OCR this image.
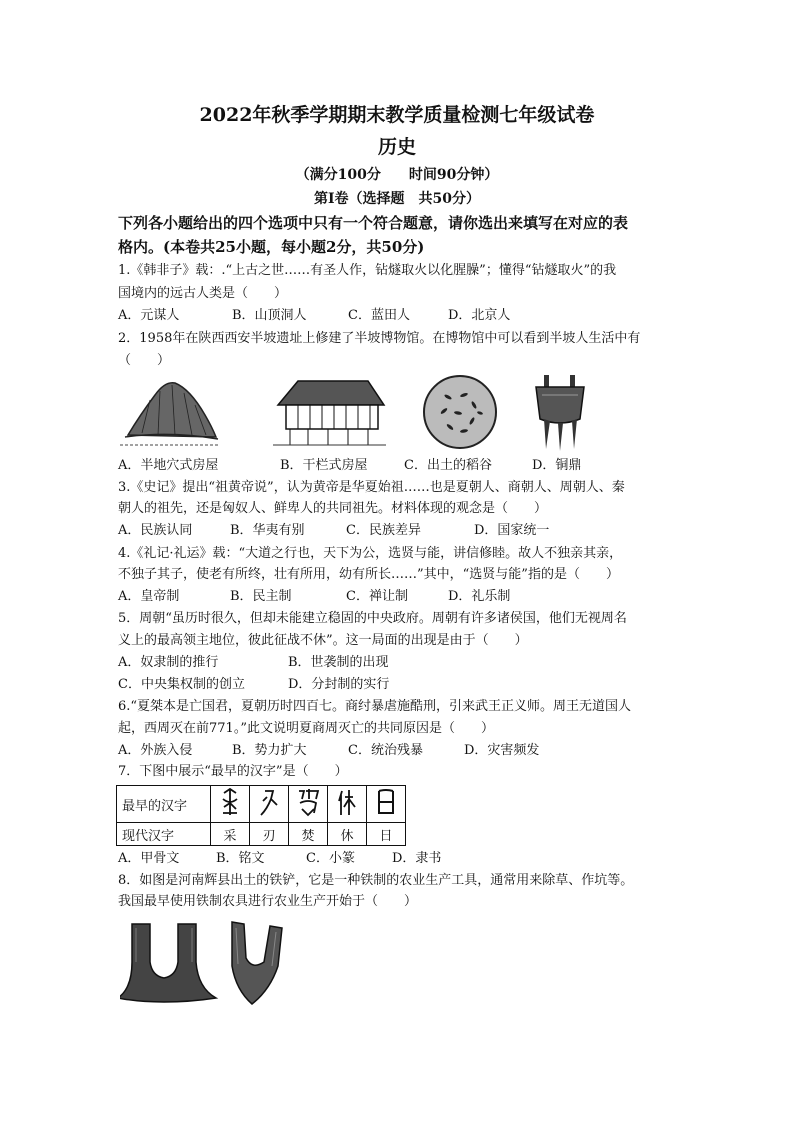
2022年秋季学期期末教学质量检测七年级试卷
历史
（满分100分　　时间90分钟）
第Ⅰ卷（选择题　共50分）
下列各小题给出的四个选项中只有一个符合题意，请你选出来填写在对应的表
格内。(本卷共25小题，每小题2分，共50分)
1.《韩非子》载：.“上古之世……有圣人作，钻燧取火以化腥臊”；懂得“钻燧取火”的我
国境内的远古人类是（　　）
A．元谋人	B．山顶洞人	C．蓝田人	D．北京人
2．1958年在陕西西安半坡遗址上修建了半坡博物馆。在博物馆中可以看到半坡人生活中有
（　　）
A．半地穴式房屋	B．干栏式房屋	C．出土的稻谷	D．铜鼎
3.《史记》提出“祖黄帝说”，认为黄帝是华夏始祖……也是夏朝人、商朝人、周朝人、秦
朝人的祖先，还是匈奴人、鲜卑人的共同祖先。材料体现的观念是（　　）
A．民族认同	B．华夷有别	C．民族差异	D．国家统一
4.《礼记·礼运》载：“大道之行也，天下为公，选贤与能，讲信修睦。故人不独亲其亲，
不独子其子，使老有所终，壮有所用，幼有所长……”其中，“选贤与能”指的是（　　）
A．皇帝制	B．民主制	C．禅让制	D．礼乐制
5．周朝“虽历时很久，但却未能建立稳固的中央政府。周朝有许多诸侯国，他们无视周名
义上的最高领主地位，彼此征战不休”。这一局面的出现是由于（　　）
A．奴隶制的推行	B．世袭制的出现
C．中央集权制的创立	D．分封制的实行
6.“夏桀本是亡国君，夏朝历时四百七。商纣暴虐施酷刑，引来武王正义师。周王无道国人
起，西周灭在前771。”此文说明夏商周灭亡的共同原因是（　　）
A．外族入侵	B．势力扩大	C．统治残暴	D．灾害频发
7．下图中展示“最早的汉字”是（　　）
最早的汉字					
现代汉字	采	刃	焚	休	日
A．甲骨文	B．铭文	C．小篆	D．隶书
8．如图是河南辉县出土的铁铲，它是一种铁制的农业生产工具，通常用来除草、作坑等。
我国最早使用铁制农具进行农业生产开始于（　　）
